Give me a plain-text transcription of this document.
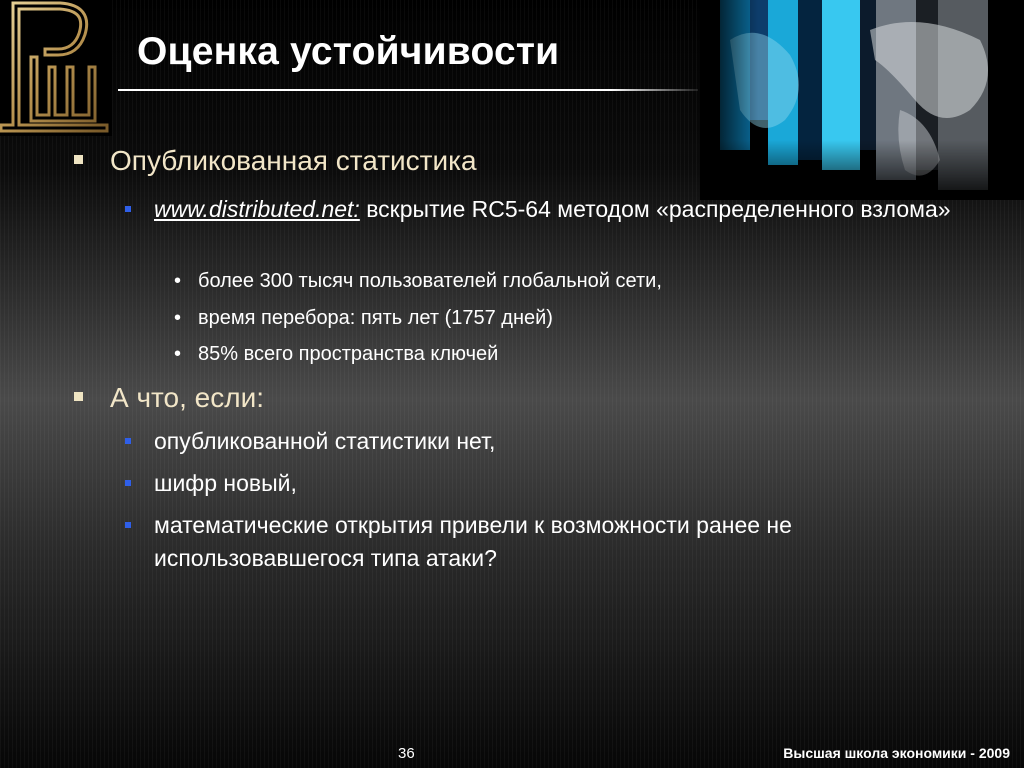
Оценка устойчивости
Опубликованная статистика
www.distributed.net: вскрытие RC5-64 методом «распределенного взлома»
• более 300 тысяч пользователей глобальной сети,
• время перебора: пять лет (1757 дней)
• 85% всего пространства ключей
А что, если:
опубликованной статистики нет,
шифр новый,
математические открытия привели к возможности ранее не использовавшегося типа атаки?
36	Высшая школа экономики - 2009
